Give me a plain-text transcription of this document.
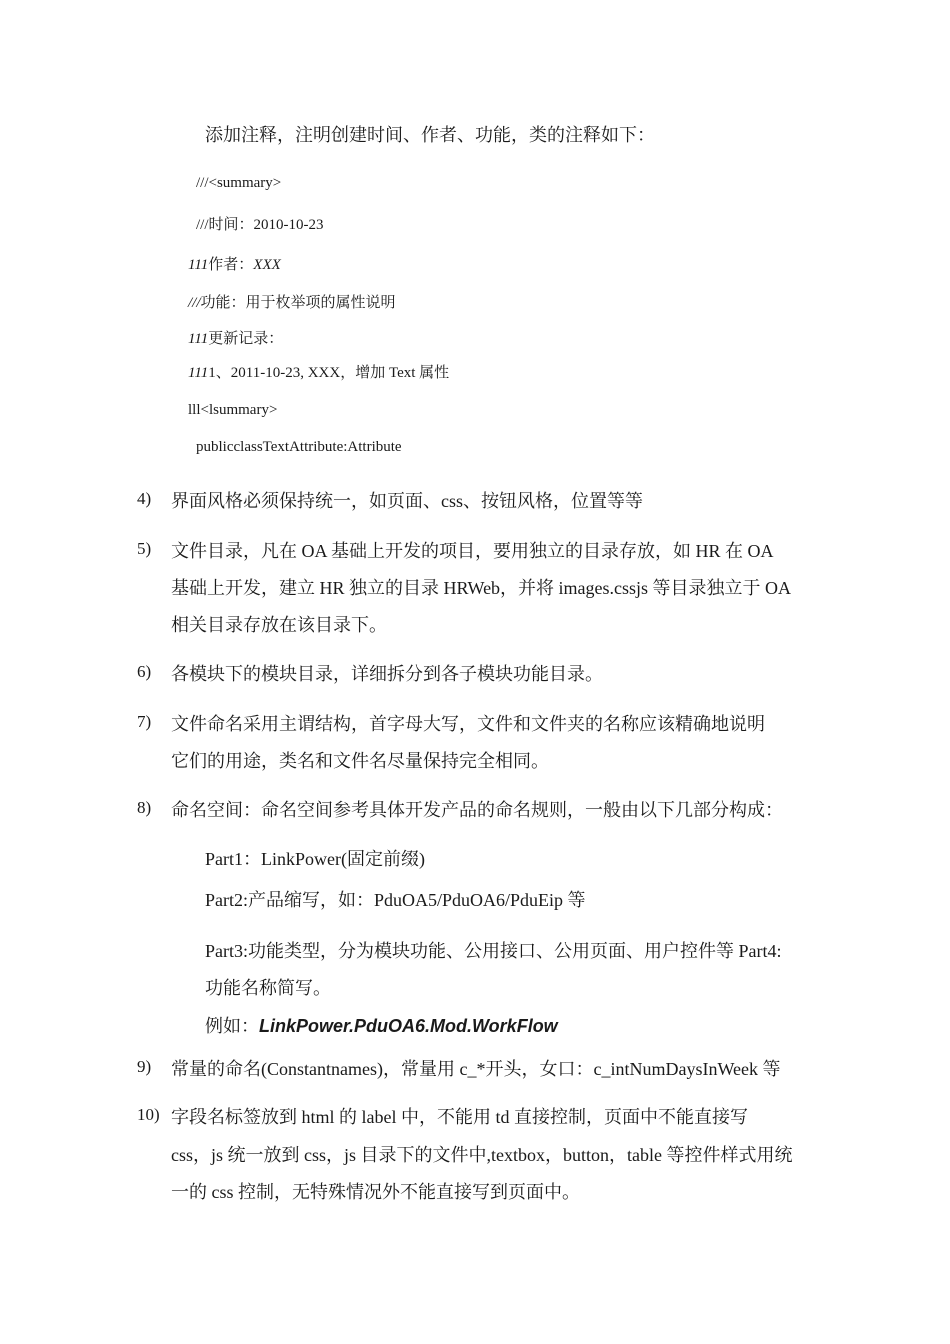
添加注释，注明创建时间、作者、功能，类的注释如下：
///<summary>
///时间：2010-10-23
111作者：XXX
///功能：用于枚举项的属性说明
111更新记录：
1111、2011-10-23, XXX，增加 Text 属性
lll<lsummary>
publicclassTextAttribute:Attribute
4) 界面风格必须保持统一，如页面、css、按钮风格，位置等等
5) 文件目录，凡在 OA 基础上开发的项目，要用独立的目录存放，如 HR 在 OA
基础上开发，建立 HR 独立的目录 HRWeb，并将 images.cssjs 等目录独立于 OA
相关目录存放在该目录下。
6) 各模块下的模块目录，详细拆分到各子模块功能目录。
7) 文件命名采用主谓结构，首字母大写，文件和文件夹的名称应该精确地说明
它们的用途，类名和文件名尽量保持完全相同。
8) 命名空间：命名空间参考具体开发产品的命名规则，一般由以下几部分构成：
Part1：LinkPower(固定前缀)
Part2:产品缩写，如：PduOA5/PduOA6/PduEip 等
Part3:功能类型，分为模块功能、公用接口、公用页面、用户控件等 Part4:
功能名称简写。
例如：LinkPower.PduOA6.Mod.WorkFlow
9) 常量的命名(Constantnames)，常量用 c_*开头，女口：c_intNumDaysInWeek 等
10) 字段名标签放到 html 的 label 中，不能用 td 直接控制，页面中不能直接写
css，js 统一放到 css，js 目录下的文件中,textbox，button，table 等控件样式用统
一的 css 控制，无特殊情况外不能直接写到页面中。
